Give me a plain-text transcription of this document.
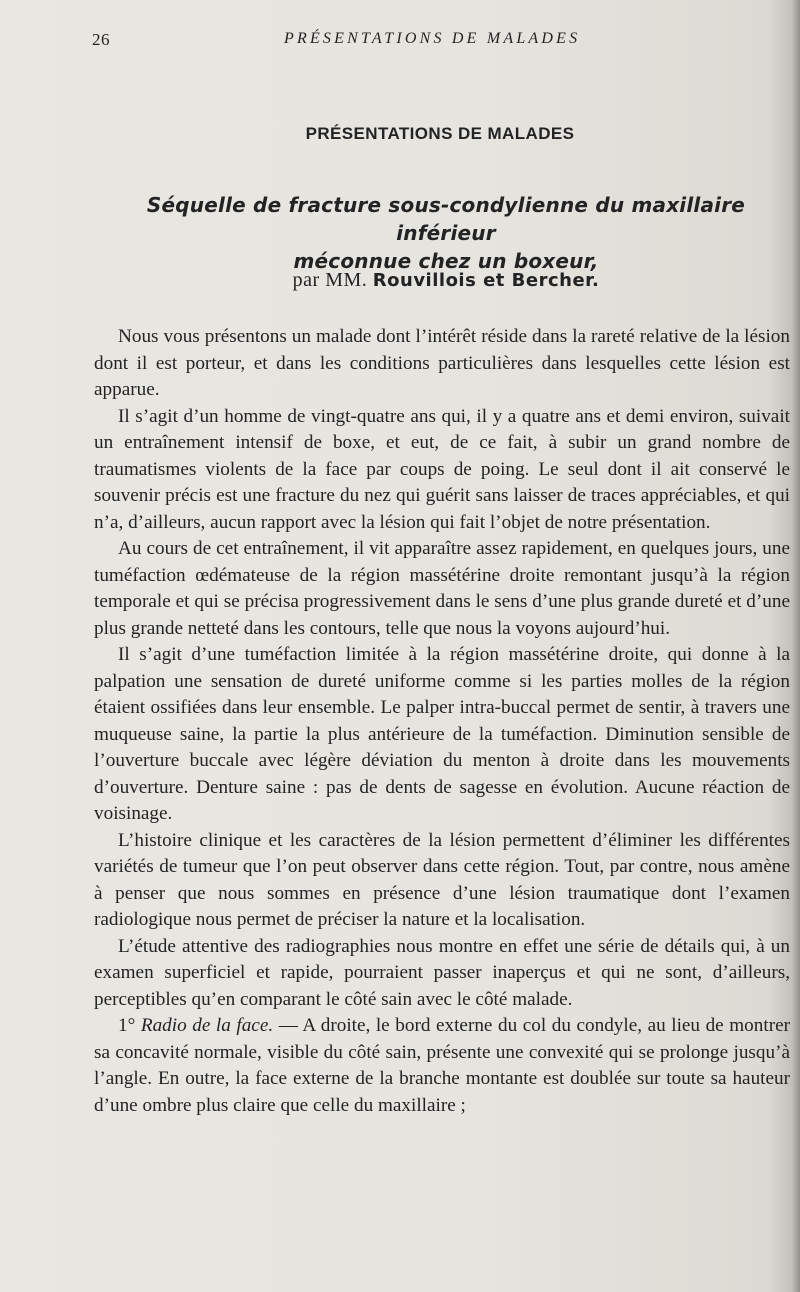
26	PRÉSENTATIONS DE MALADES
PRÉSENTATIONS DE MALADES
Séquelle de fracture sous-condylienne du maxillaire inférieur
méconnue chez un boxeur,
par MM. Rouvillois et Bercher.

Nous vous présentons un malade dont l’intérêt réside dans la rareté relative de la lésion dont il est porteur, et dans les conditions particulières dans lesquelles cette lésion est apparue.

Il s’agit d’un homme de vingt-quatre ans qui, il y a quatre ans et demi environ, suivait un entraînement intensif de boxe, et eut, de ce fait, à subir un grand nombre de traumatismes violents de la face par coups de poing. Le seul dont il ait conservé le souvenir précis est une fracture du nez qui guérit sans laisser de traces appréciables, et qui n’a, d’ailleurs, aucun rapport avec la lésion qui fait l’objet de notre présentation.

Au cours de cet entraînement, il vit apparaître assez rapidement, en quelques jours, une tuméfaction œdémateuse de la région massétérine droite remontant jusqu’à la région temporale et qui se précisa progressivement dans le sens d’une plus grande dureté et d’une plus grande netteté dans les contours, telle que nous la voyons aujourd’hui.

Il s’agit d’une tuméfaction limitée à la région massétérine droite, qui donne à la palpation une sensation de dureté uniforme comme si les parties molles de la région étaient ossifiées dans leur ensemble. Le palper intra-buccal permet de sentir, à travers une muqueuse saine, la partie la plus antérieure de la tuméfaction. Diminution sensible de l’ouverture buccale avec légère déviation du menton à droite dans les mouvements d’ouverture. Denture saine : pas de dents de sagesse en évolution. Aucune réaction de voisinage.

L’histoire clinique et les caractères de la lésion permettent d’éliminer les différentes variétés de tumeur que l’on peut observer dans cette région. Tout, par contre, nous amène à penser que nous sommes en présence d’une lésion traumatique dont l’examen radiologique nous permet de préciser la nature et la localisation.

L’étude attentive des radiographies nous montre en effet une série de détails qui, à un examen superficiel et rapide, pourraient passer inaperçus et qui ne sont, d’ailleurs, perceptibles qu’en comparant le côté sain avec le côté malade.

1° Radio de la face. — A droite, le bord externe du col du condyle, au lieu de montrer sa concavité normale, visible du côté sain, présente une convexité qui se prolonge jusqu’à l’angle. En outre, la face externe de la branche montante est doublée sur toute sa hauteur d’une ombre plus claire que celle du maxillaire ;
